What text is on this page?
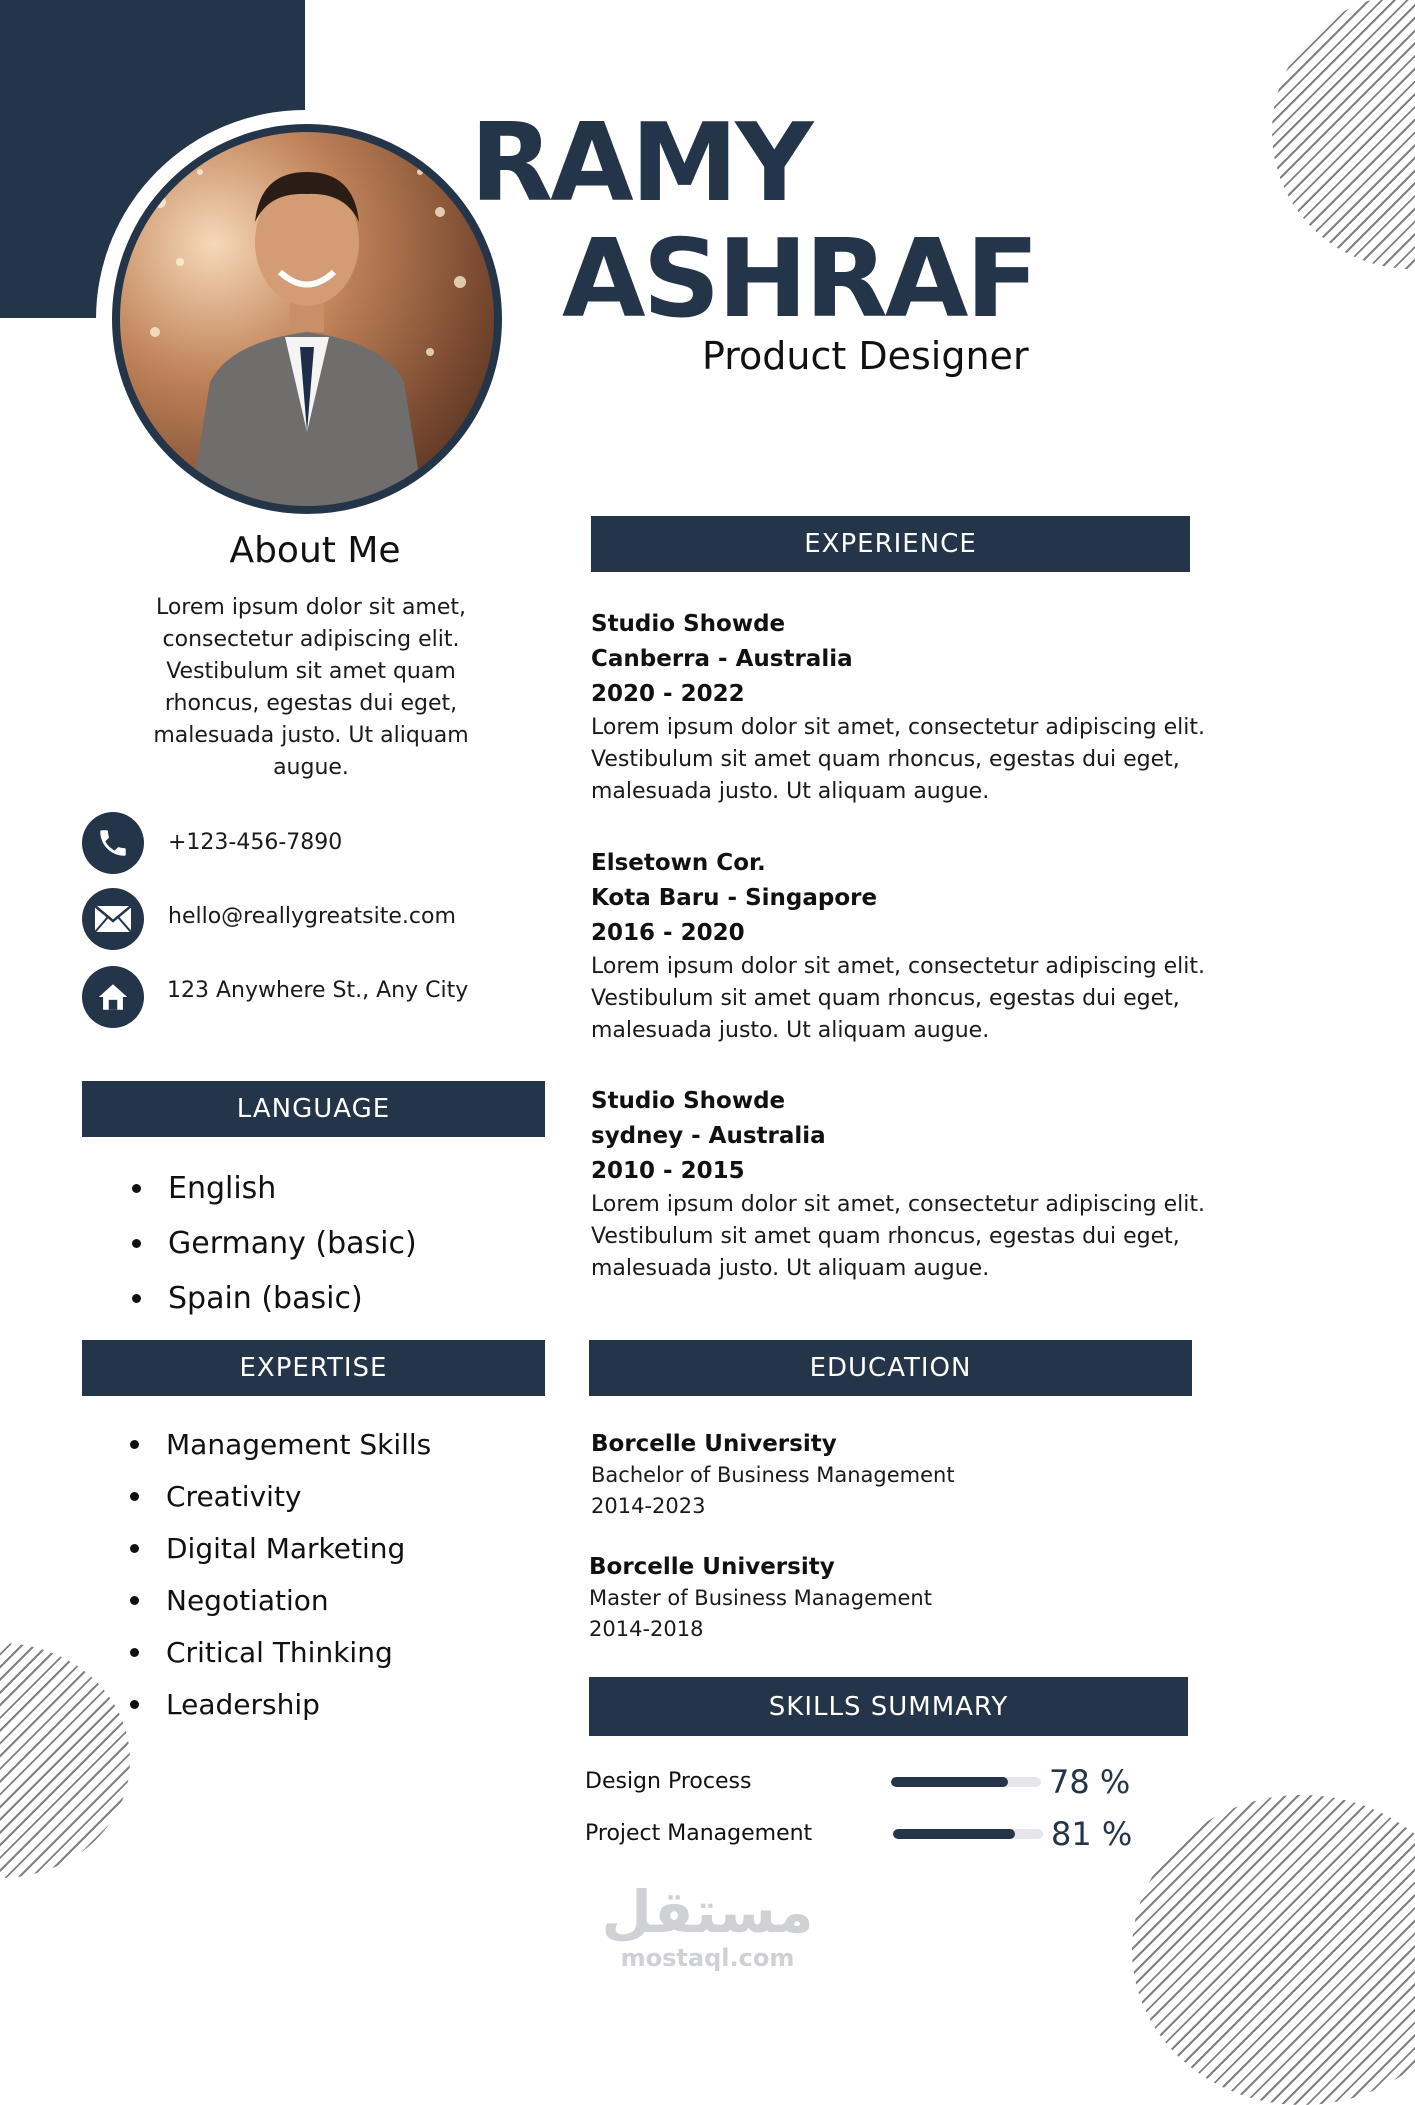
RAMY
ASHRAF
Product Designer
About Me
Lorem ipsum dolor sit amet,
consectetur adipiscing elit.
Vestibulum sit amet quam
rhoncus, egestas dui eget,
malesuada justo. Ut aliquam
augue.
+123-456-7890
hello@reallygreatsite.com
123 Anywhere St., Any City
LANGUAGE
English
Germany (basic)
Spain (basic)
EXPERTISE
Management Skills
Creativity
Digital Marketing
Negotiation
Critical Thinking
Leadership
EXPERIENCE
Studio Showde
Canberra - Australia
2020 - 2022
Lorem ipsum dolor sit amet, consectetur adipiscing elit.
Vestibulum sit amet quam rhoncus, egestas dui eget,
malesuada justo. Ut aliquam augue.
Elsetown Cor.
Kota Baru - Singapore
2016 - 2020
Lorem ipsum dolor sit amet, consectetur adipiscing elit.
Vestibulum sit amet quam rhoncus, egestas dui eget,
malesuada justo. Ut aliquam augue.
Studio Showde
sydney - Australia
2010 - 2015
Lorem ipsum dolor sit amet, consectetur adipiscing elit.
Vestibulum sit amet quam rhoncus, egestas dui eget,
malesuada justo. Ut aliquam augue.
EDUCATION
Borcelle University
Bachelor of Business Management
2014-2023
Borcelle University
Master of Business Management
2014-2018
SKILLS SUMMARY
Design Process	78 %
Project Management	81 %
مستقل
mostaql.com
